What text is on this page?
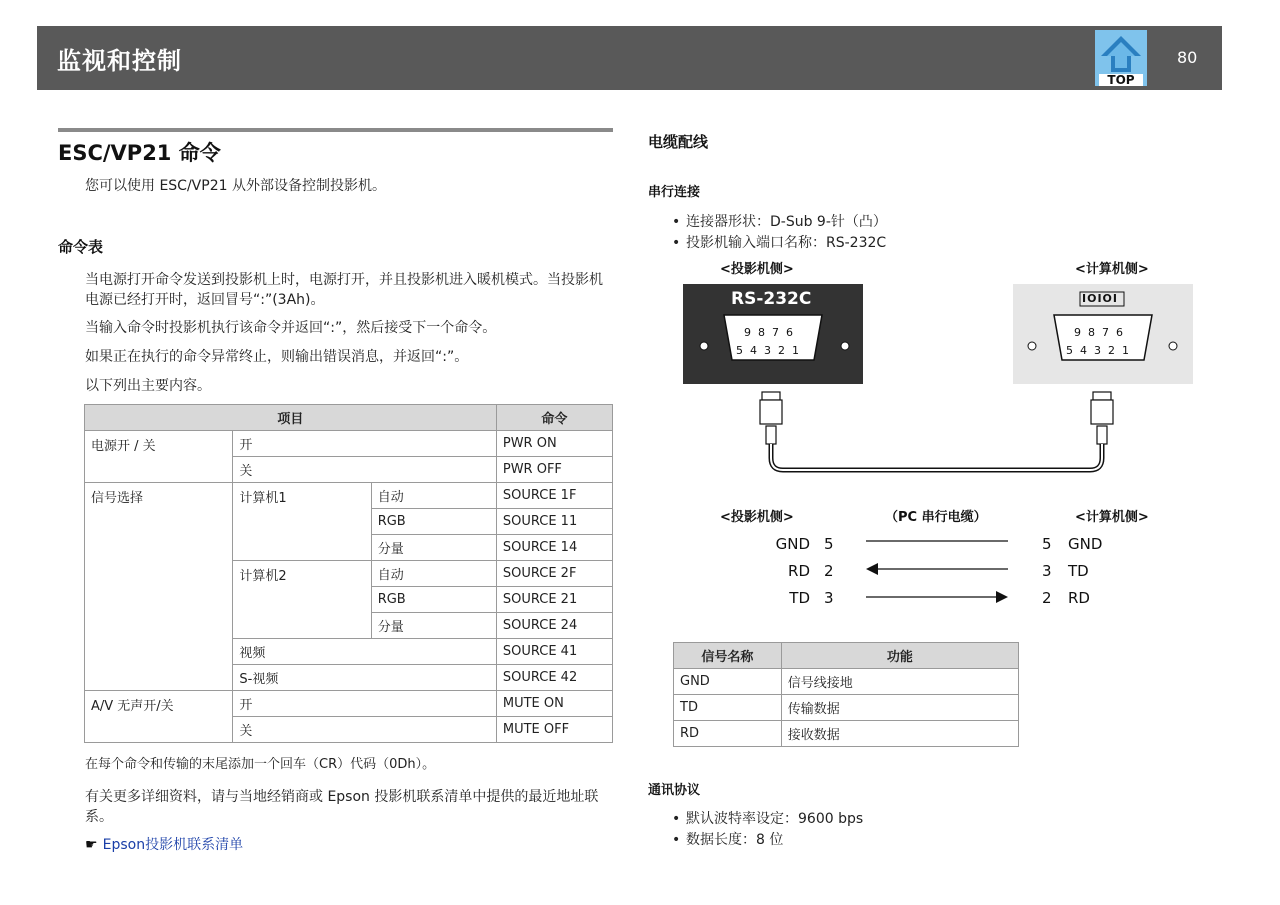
监视和控制
TOP
80
ESC/VP21 命令
您可以使用 ESC/VP21 从外部设备控制投影机。
命令表
当电源打开命令发送到投影机上时，电源打开，并且投影机进入暖机模式。当投影机电源已经打开时，返回冒号“:”(3Ah)。
当输入命令时投影机执行该命令并返回“:”，然后接受下一个命令。
如果正在执行的命令异常终止，则输出错误消息，并返回“:”。
以下列出主要内容。
项目			命令
电源开 / 关	开		PWR ON
	关		PWR OFF
信号选择	计算机1	自动	SOURCE 1F
		RGB	SOURCE 11
		分量	SOURCE 14
	计算机2	自动	SOURCE 2F
		RGB	SOURCE 21
		分量	SOURCE 24
	视频		SOURCE 41
	S-视频		SOURCE 42
A/V 无声开/关	开		MUTE ON
	关		MUTE OFF
在每个命令和传输的末尾添加一个回车（CR）代码（0Dh）。
有关更多详细资料，请与当地经销商或 Epson 投影机联系清单中提供的最近地址联系。
☛ Epson投影机联系清单
电缆配线
串行连接
• 连接器形状：D-Sub 9-针（凸）
• 投影机输入端口名称：RS-232C
<投影机侧>	<计算机侧>
RS-232C	IOIOI
9 8 7 6
5 4 3 2 1
9 8 7 6
5 4 3 2 1
<投影机侧>	（PC 串行电缆）	<计算机侧>
GND 5	5 GND
RD 2	3 TD
TD 3	2 RD
信号名称	功能
GND	信号线接地
TD	传输数据
RD	接收数据
通讯协议
• 默认波特率设定：9600 bps
• 数据长度：8 位
